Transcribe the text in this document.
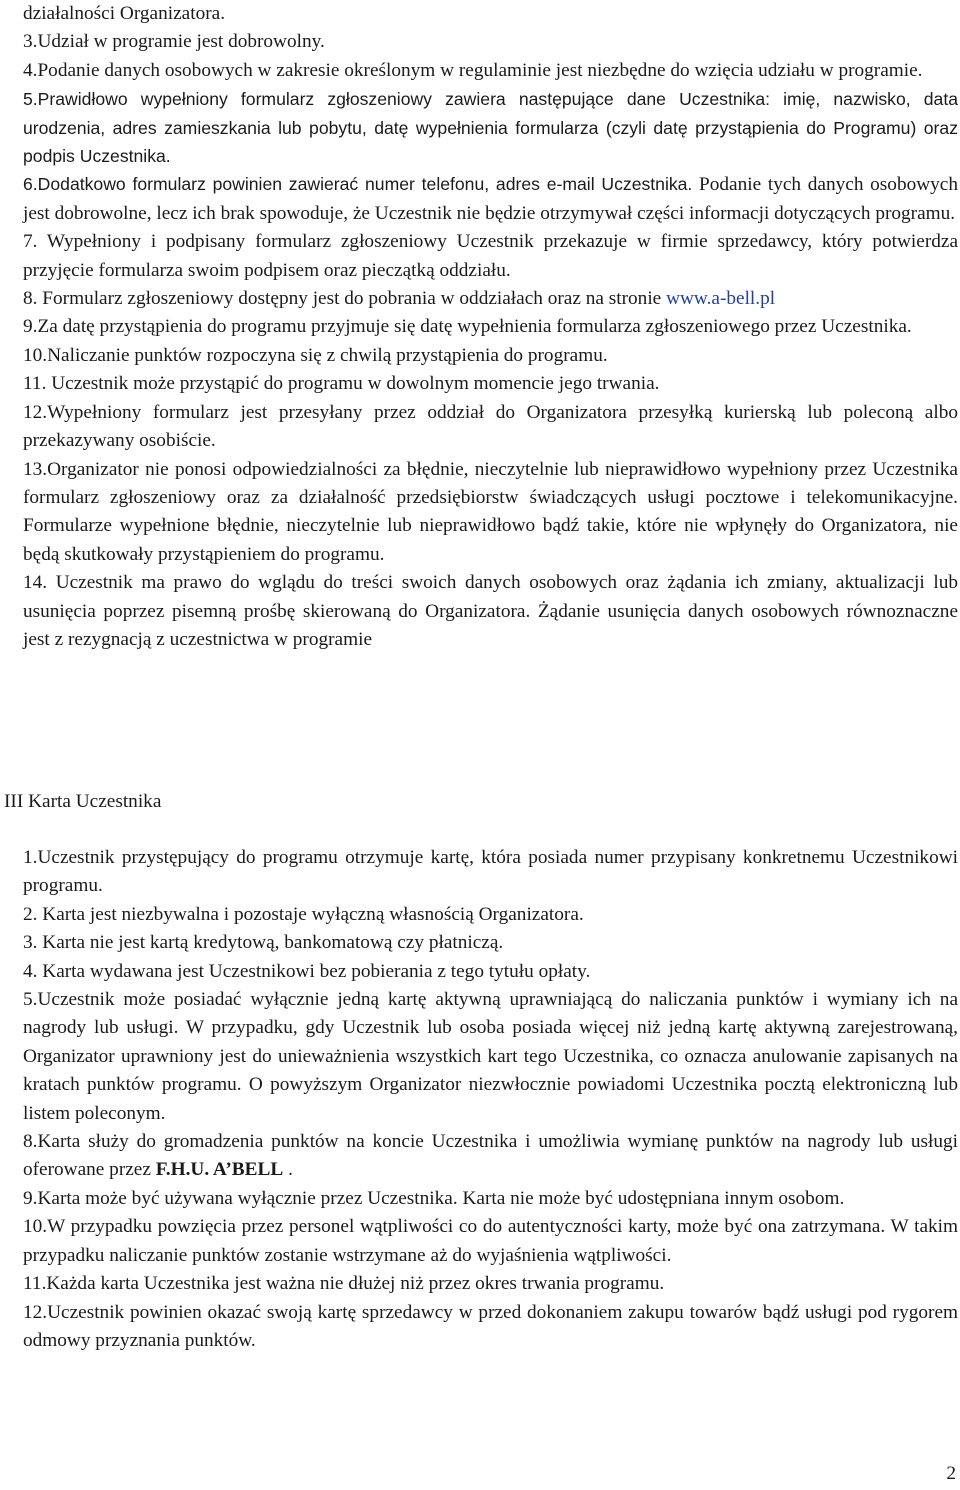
działalności Organizatora.

3.Udział w programie jest dobrowolny.

4.Podanie danych osobowych w zakresie określonym w regulaminie jest niezbędne do wzięcia udziału w programie.

5.Prawidłowo wypełniony formularz zgłoszeniowy zawiera następujące dane Uczestnika: imię, nazwisko, data urodzenia, adres zamieszkania lub pobytu, datę wypełnienia formularza (czyli datę przystąpienia do Programu) oraz podpis Uczestnika.

6.Dodatkowo formularz powinien zawierać numer telefonu, adres e-mail Uczestnika. Podanie tych danych osobowych jest dobrowolne, lecz ich brak spowoduje, że Uczestnik nie będzie otrzymywał części informacji dotyczących programu.

7. Wypełniony i podpisany formularz zgłoszeniowy Uczestnik przekazuje w firmie sprzedawcy, który potwierdza przyjęcie formularza swoim podpisem oraz pieczątką oddziału.

8. Formularz zgłoszeniowy dostępny jest do pobrania w oddziałach oraz na stronie www.a-bell.pl

9.Za datę przystąpienia do programu przyjmuje się datę wypełnienia formularza zgłoszeniowego przez Uczestnika.

10.Naliczanie punktów rozpoczyna się z chwilą przystąpienia do programu.

11. Uczestnik może przystąpić do programu w dowolnym momencie jego trwania.

12.Wypełniony formularz jest przesyłany przez oddział do Organizatora przesyłką kurierską lub poleconą albo przekazywany osobiście.

13.Organizator nie ponosi odpowiedzialności za błędnie, nieczytelnie lub nieprawidłowo wypełniony przez Uczestnika formularz zgłoszeniowy oraz za działalność przedsiębiorstw świadczących usługi pocztowe i telekomunikacyjne. Formularze wypełnione błędnie, nieczytelnie lub nieprawidłowo bądź takie, które nie wpłynęły do Organizatora, nie będą skutkowały przystąpieniem do programu.

14. Uczestnik ma prawo do wglądu do treści swoich danych osobowych oraz żądania ich zmiany, aktualizacji lub usunięcia poprzez pisemną prośbę skierowaną do Organizatora. Żądanie usunięcia danych osobowych równoznaczne jest z rezygnacją z uczestnictwa w programie

III Karta Uczestnika

1.Uczestnik przystępujący do programu otrzymuje kartę, która posiada numer przypisany konkretnemu Uczestnikowi programu.

2. Karta jest niezbywalna i pozostaje wyłączną własnością Organizatora.

3. Karta nie jest kartą kredytową, bankomatową czy płatniczą.

4. Karta wydawana jest Uczestnikowi bez pobierania z tego tytułu opłaty.

5.Uczestnik może posiadać wyłącznie jedną kartę aktywną uprawniającą do naliczania punktów i wymiany ich na nagrody lub usługi. W przypadku, gdy Uczestnik lub osoba posiada więcej niż jedną kartę aktywną zarejestrowaną, Organizator uprawniony jest do unieważnienia wszystkich kart tego Uczestnika, co oznacza anulowanie zapisanych na kratach punktów programu. O powyższym Organizator niezwłocznie powiadomi Uczestnika pocztą elektroniczną lub listem poleconym.

8.Karta służy do gromadzenia punktów na koncie Uczestnika i umożliwia wymianę punktów na nagrody lub usługi oferowane przez F.H.U. A’BELL .

9.Karta może być używana wyłącznie przez Uczestnika. Karta nie może być udostępniana innym osobom.

10.W przypadku powzięcia przez personel wątpliwości co do autentyczności karty, może być ona zatrzymana. W takim przypadku naliczanie punktów zostanie wstrzymane aż do wyjaśnienia wątpliwości.

11.Każda karta Uczestnika jest ważna nie dłużej niż przez okres trwania programu.

12.Uczestnik powinien okazać swoją kartę sprzedawcy w przed dokonaniem zakupu towarów bądź usługi pod rygorem odmowy przyznania punktów.

2
